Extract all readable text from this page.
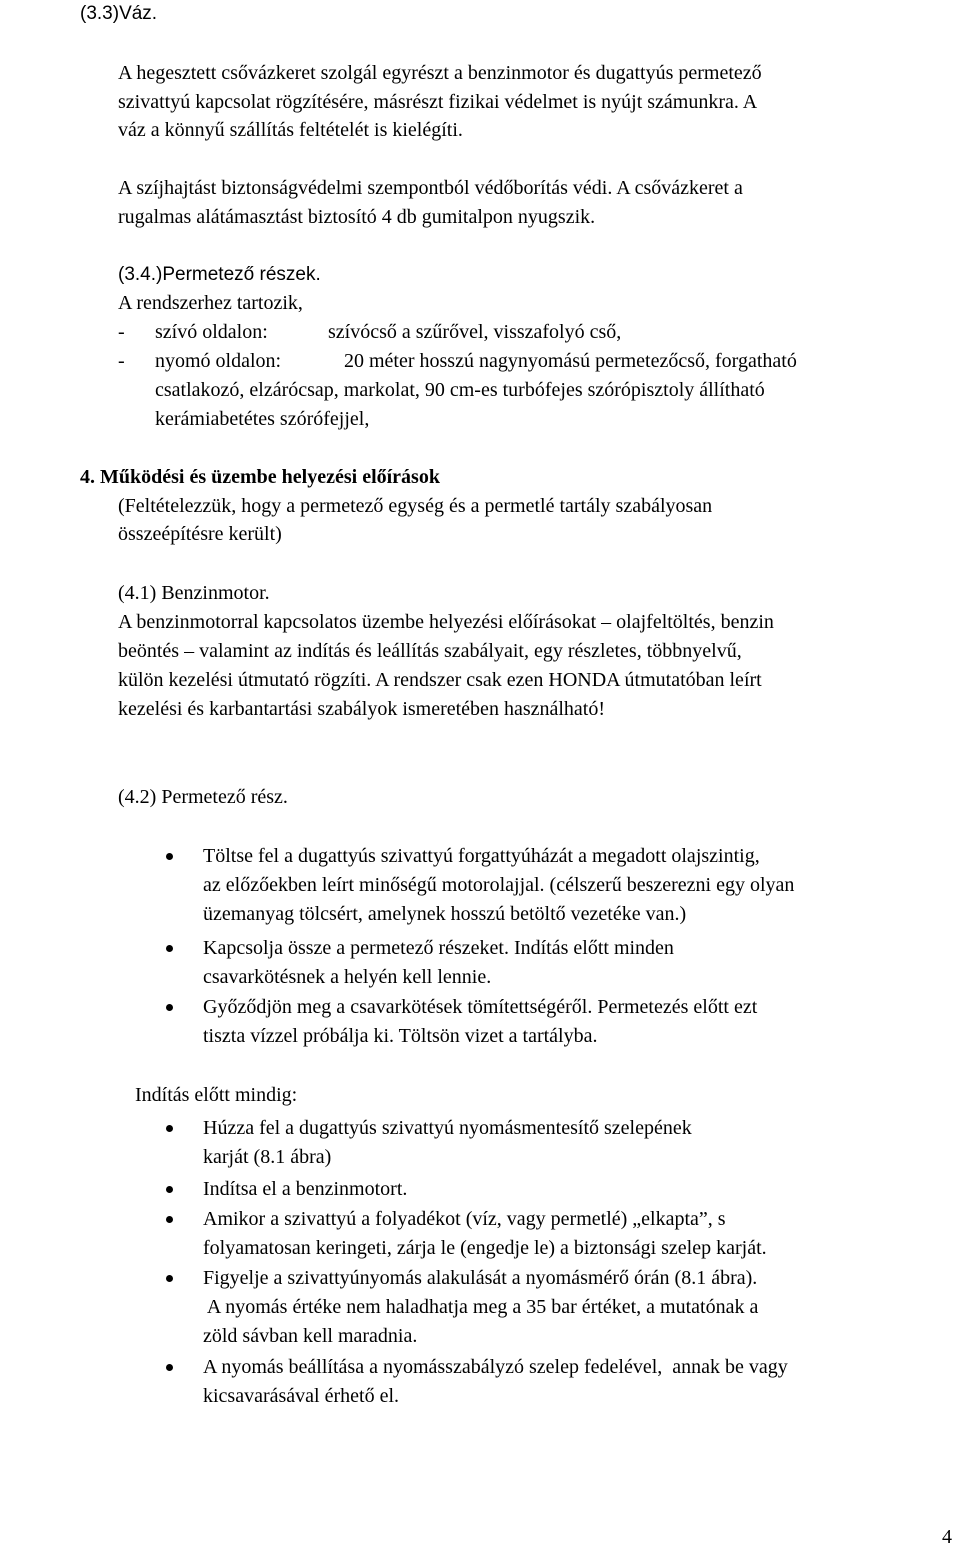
(3.3)Váz.
A hegesztett csővázkeret szolgál egyrészt a benzinmotor és dugattyús permetező
szivattyú kapcsolat rögzítésére, másrészt fizikai védelmet is nyújt számunkra. A
váz a könnyű szállítás feltételét is kielégíti.
A szíjhajtást biztonságvédelmi szempontból védőborítás védi. A csővázkeret a
rugalmas alátámasztást biztosító 4 db gumitalpon nyugszik.
(3.4.)Permetező részek.
A rendszerhez tartozik,
- szívó oldalon:	szívócső a szűrővel, visszafolyó cső,
- nyomó oldalon:	20 méter hosszú nagynyomású permetezőcső, forgatható
csatlakozó, elzárócsap, markolat, 90 cm-es turbófejes szórópisztoly állítható
kerámiabetétes szórófejjel,
4. Működési és üzembe helyezési előírások
(Feltételezzük, hogy a permetező egység és a permetlé tartály szabályosan
összeépítésre került)
(4.1) Benzinmotor.
A benzinmotorral kapcsolatos üzembe helyezési előírásokat – olajfeltöltés, benzin
beöntés – valamint az indítás és leállítás szabályait, egy részletes, többnyelvű,
külön kezelési útmutató rögzíti. A rendszer csak ezen HONDA útmutatóban leírt
kezelési és karbantartási szabályok ismeretében használható!
(4.2) Permetező rész.
Töltse fel a dugattyús szivattyú forgattyúházát a megadott olajszintig,
az előzőekben leírt minőségű motorolajjal. (célszerű beszerezni egy olyan
üzemanyag tölcsért, amelynek hosszú betöltő vezetéke van.)
Kapcsolja össze a permetező részeket. Indítás előtt minden
csavarkötésnek a helyén kell lennie.
Győződjön meg a csavarkötések tömítettségéről. Permetezés előtt ezt
tiszta vízzel próbálja ki. Töltsön vizet a tartályba.
Indítás előtt mindig:
Húzza fel a dugattyús szivattyú nyomásmentesítő szelepének
karját (8.1 ábra)
Indítsa el a benzinmotort.
Amikor a szivattyú a folyadékot (víz, vagy permetlé) „elkapta”, s
folyamatosan keringeti, zárja le (engedje le) a biztonsági szelep karját.
Figyelje a szivattyúnyomás alakulását a nyomásmérő órán (8.1 ábra).
A nyomás értéke nem haladhatja meg a 35 bar értéket, a mutatónak a
zöld sávban kell maradnia.
A nyomás beállítása a nyomásszabályzó szelep fedelével,  annak be vagy
kicsavarásával érhető el.
4
